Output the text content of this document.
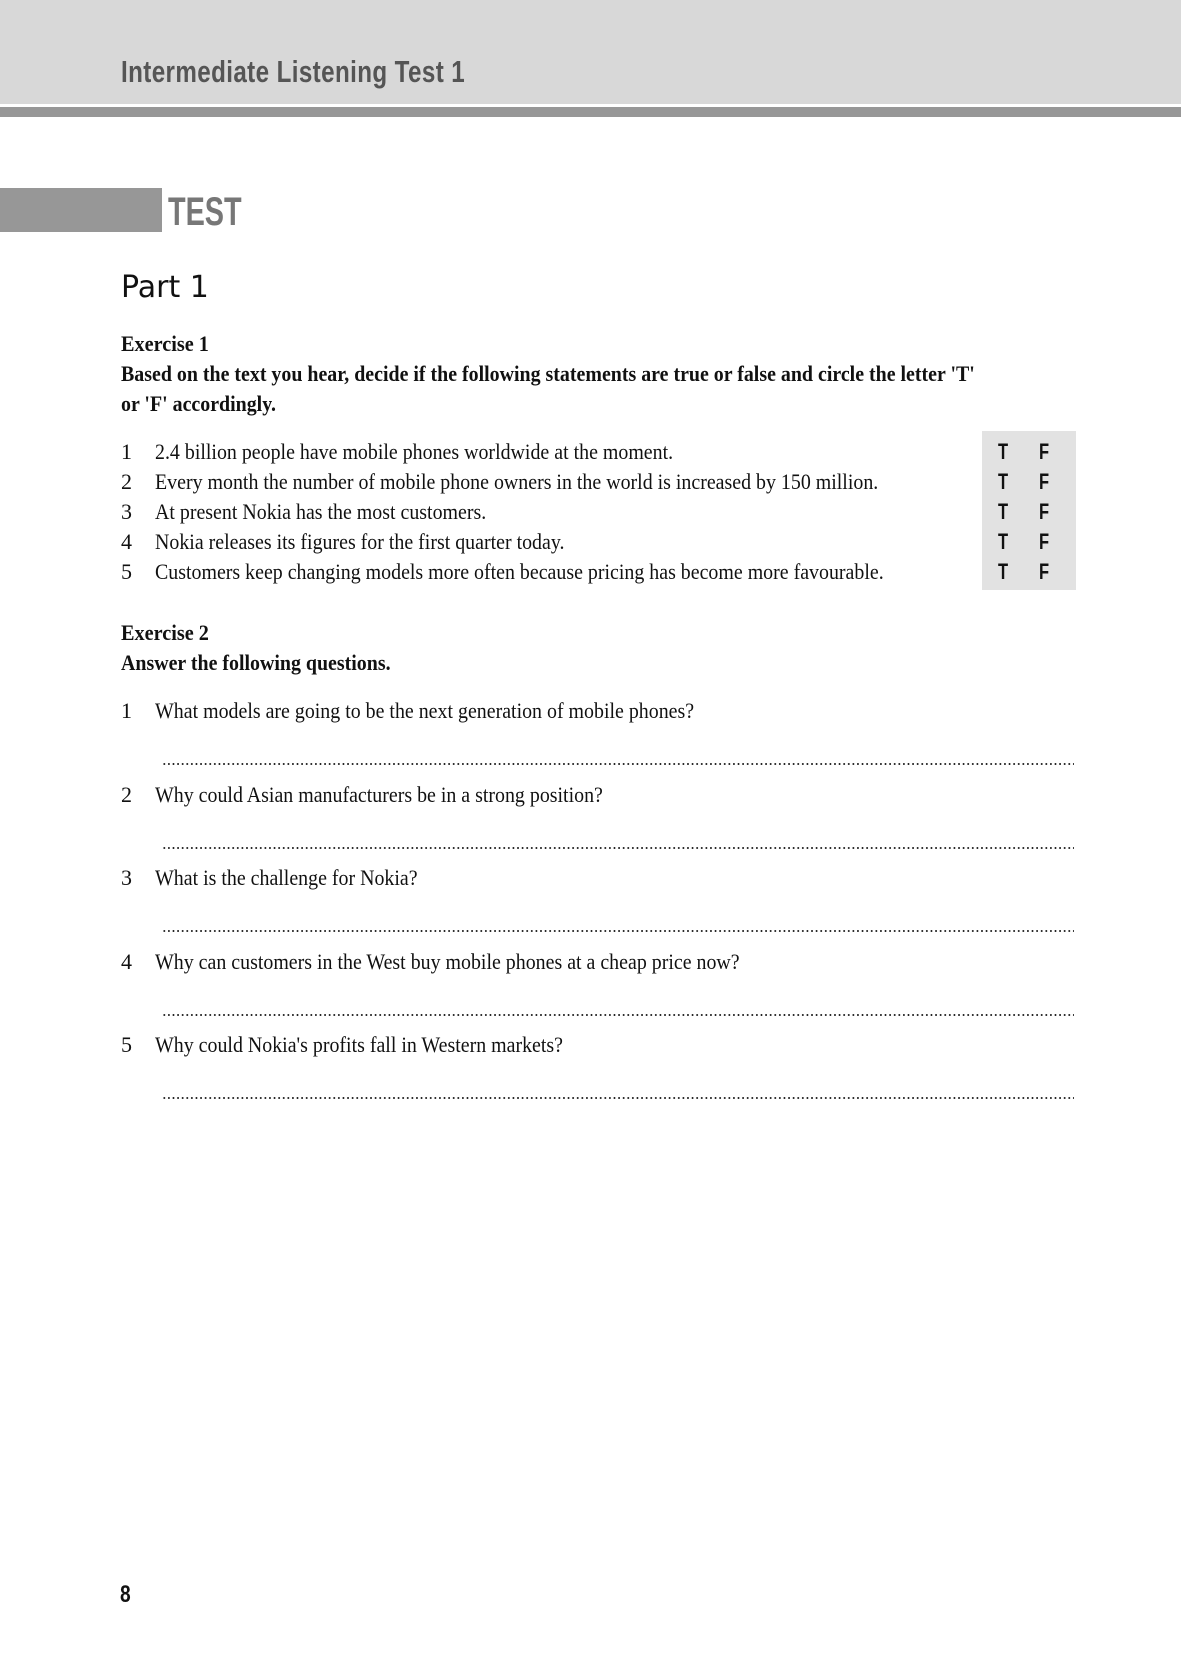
Intermediate Listening Test 1
TEST
Part 1
Exercise 1
Based on the text you hear, decide if the following statements are true or false and circle the letter 'T'
or 'F' accordingly.
1 2.4 billion people have mobile phones worldwide at the moment.	T F
2 Every month the number of mobile phone owners in the world is increased by 150 million.	T F
3 At present Nokia has the most customers.	T F
4 Nokia releases its figures for the first quarter today.	T F
5 Customers keep changing models more often because pricing has become more favourable.	T F
Exercise 2
Answer the following questions.
1 What models are going to be the next generation of mobile phones?
2 Why could Asian manufacturers be in a strong position?
3 What is the challenge for Nokia?
4 Why can customers in the West buy mobile phones at a cheap price now?
5 Why could Nokia's profits fall in Western markets?
8
